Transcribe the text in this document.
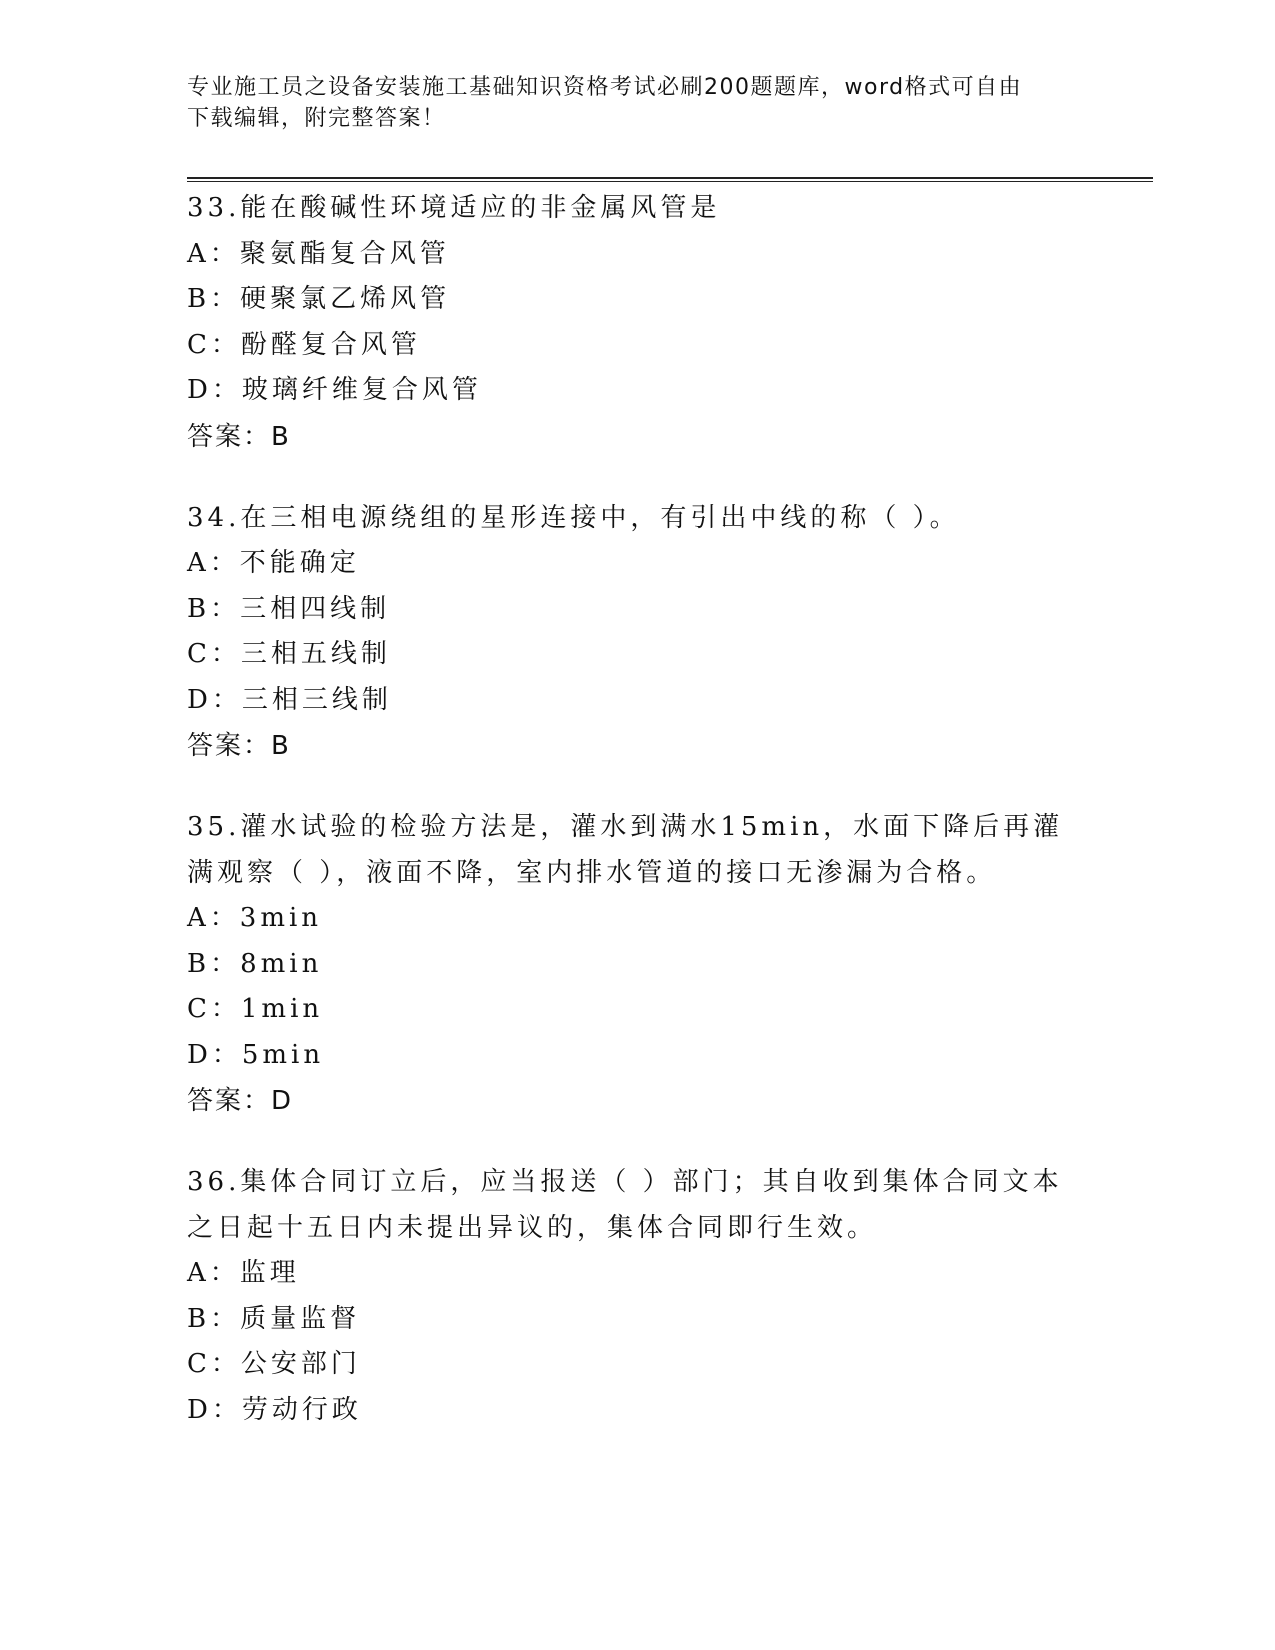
专业施工员之设备安装施工基础知识资格考试必刷200题题库，word格式可自由

下载编辑，附完整答案！

33.能在酸碱性环境适应的非金属风管是
A：聚氨酯复合风管
B：硬聚氯乙烯风管
C：酚醛复合风管
D：玻璃纤维复合风管
答案：B
34.在三相电源绕组的星形连接中，有引出中线的称（ ）。
A：不能确定
B：三相四线制
C：三相五线制
D：三相三线制
答案：B
35.灌水试验的检验方法是，灌水到满水15min，水面下降后再灌满观察（ ），液面不降，室内排水管道的接口无渗漏为合格。
A：3min
B：8min
C：1min
D：5min
答案：D
36.集体合同订立后，应当报送（ ）部门；其自收到集体合同文本之日起十五日内未提出异议的，集体合同即行生效。
A：监理
B：质量监督
C：公安部门
D：劳动行政
